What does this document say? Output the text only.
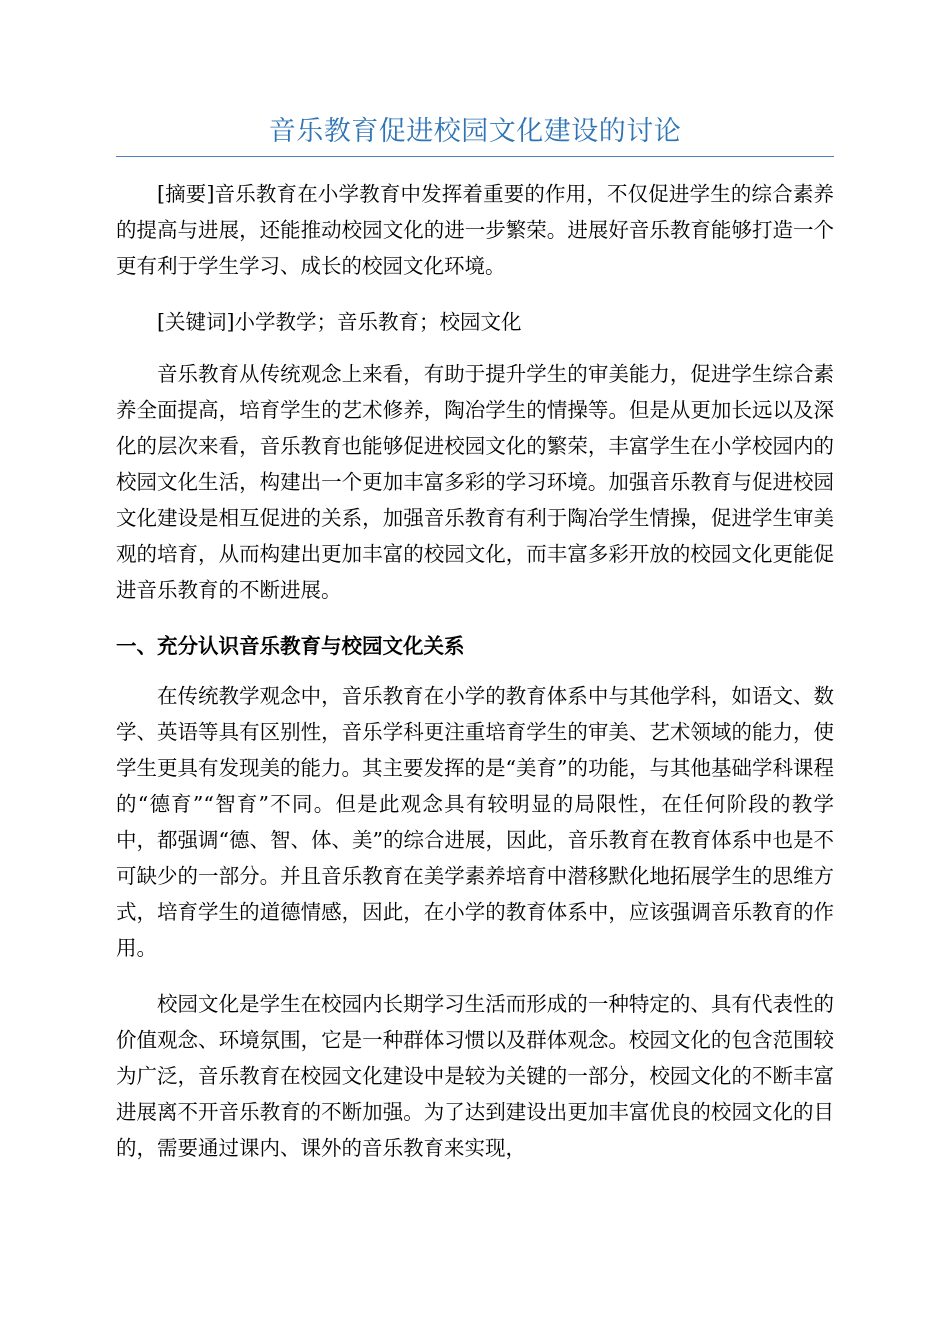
音乐教育促进校园文化建设的讨论

[摘要]音乐教育在小学教育中发挥着重要的作用，不仅促进学生的综合素养的提高与进展，还能推动校园文化的进一步繁荣。进展好音乐教育能够打造一个更有利于学生学习、成长的校园文化环境。

[关键词]小学教学；音乐教育；校园文化

音乐教育从传统观念上来看，有助于提升学生的审美能力，促进学生综合素养全面提高，培育学生的艺术修养，陶冶学生的情操等。但是从更加长远以及深化的层次来看，音乐教育也能够促进校园文化的繁荣，丰富学生在小学校园内的校园文化生活，构建出一个更加丰富多彩的学习环境。加强音乐教育与促进校园文化建设是相互促进的关系，加强音乐教育有利于陶冶学生情操，促进学生审美观的培育，从而构建出更加丰富的校园文化，而丰富多彩开放的校园文化更能促进音乐教育的不断进展。

一、充分认识音乐教育与校园文化关系

在传统教学观念中，音乐教育在小学的教育体系中与其他学科，如语文、数学、英语等具有区别性，音乐学科更注重培育学生的审美、艺术领域的能力，使学生更具有发现美的能力。其主要发挥的是“美育”的功能，与其他基础学科课程的“德育”“智育”不同。但是此观念具有较明显的局限性，在任何阶段的教学中，都强调“德、智、体、美”的综合进展，因此，音乐教育在教育体系中也是不可缺少的一部分。并且音乐教育在美学素养培育中潜移默化地拓展学生的思维方式，培育学生的道德情感，因此，在小学的教育体系中，应该强调音乐教育的作用。

校园文化是学生在校园内长期学习生活而形成的一种特定的、具有代表性的价值观念、环境氛围，它是一种群体习惯以及群体观念。校园文化的包含范围较为广泛，音乐教育在校园文化建设中是较为关键的一部分，校园文化的不断丰富进展离不开音乐教育的不断加强。为了达到建设出更加丰富优良的校园文化的目的，需要通过课内、课外的音乐教育来实现，
